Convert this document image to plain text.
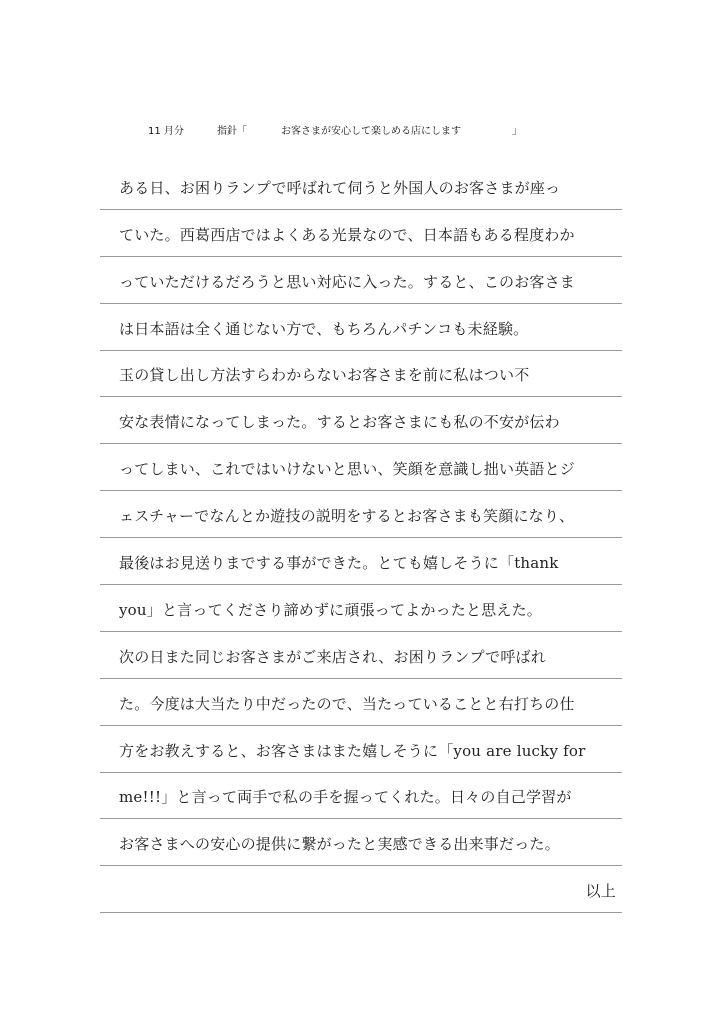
11 月分	指針「	お客さまが安心して楽しめる店にします	」
ある日、お困りランプで呼ばれて伺うと外国人のお客さまが座っ
ていた。西葛西店ではよくある光景なので、日本語もある程度わか
っていただけるだろうと思い対応に入った。すると、このお客さま
は日本語は全く通じない方で、もちろんパチンコも未経験。
玉の貸し出し方法すらわからないお客さまを前に私はつい不
安な表情になってしまった。するとお客さまにも私の不安が伝わ
ってしまい、これではいけないと思い、笑顔を意識し拙い英語とジ
ェスチャーでなんとか遊技の説明をするとお客さまも笑顔になり、
最後はお見送りまでする事ができた。とても嬉しそうに「thank
you」と言ってくださり諦めずに頑張ってよかったと思えた。
次の日また同じお客さまがご来店され、お困りランプで呼ばれ
た。今度は大当たり中だったので、当たっていることと右打ちの仕
方をお教えすると、お客さまはまた嬉しそうに「you are lucky for
me!!!」と言って両手で私の手を握ってくれた。日々の自己学習が
お客さまへの安心の提供に繋がったと実感できる出来事だった。
以上
